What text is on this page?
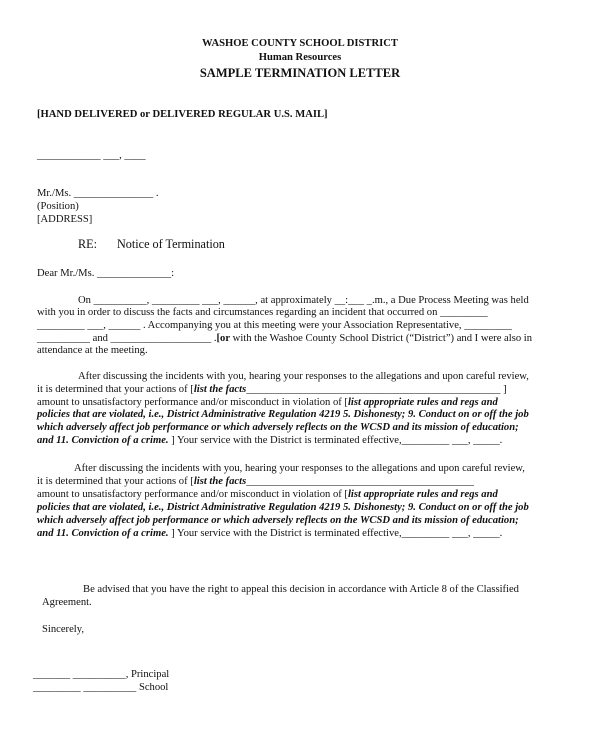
WASHOE COUNTY SCHOOL DISTRICT
Human Resources
SAMPLE TERMINATION LETTER
[HAND DELIVERED or DELIVERED REGULAR U.S. MAIL]
____________ ___, ____
Mr./Ms. _______________ .
(Position)
[ADDRESS]
RE: Notice of Termination
Dear Mr./Ms. ______________:
On __________, _________ ___, ______, at approximately __:___ _.m., a Due Process Meeting was held
with you in order to discuss the facts and circumstances regarding an incident that occurred on _________
_________ ___, ______ . Accompanying you at this meeting were your Association Representative, _________
__________ and ___________________ .[or with the Washoe County School District (“District”) and I were also in
attendance at the meeting.
After discussing the incidents with you, hearing your responses to the allegations and upon careful review,
it is determined that your actions of [list the facts________________________________________________ ]
amount to unsatisfactory performance and/or misconduct in violation of [list appropriate rules and regs and
policies that are violated, i.e., District Administrative Regulation 4219 5. Dishonesty; 9. Conduct on or off the job
which adversely affect job performance or which adversely reflects on the WCSD and its mission of education;
and 11. Conviction of a crime. ] Your service with the District is terminated effective,_________ ___, _____.
After discussing the incidents with you, hearing your responses to the allegations and upon careful review,
it is determined that your actions of [list the facts___________________________________________
amount to unsatisfactory performance and/or misconduct in violation of [list appropriate rules and regs and
policies that are violated, i.e., District Administrative Regulation 4219 5. Dishonesty; 9. Conduct on or off the job
which adversely affect job performance or which adversely reflects on the WCSD and its mission of education;
and 11. Conviction of a crime. ] Your service with the District is terminated effective,_________ ___, _____.
Be advised that you have the right to appeal this decision in accordance with Article 8 of the Classified
Agreement.
Sincerely,
_______ __________, Principal
_________ __________ School
